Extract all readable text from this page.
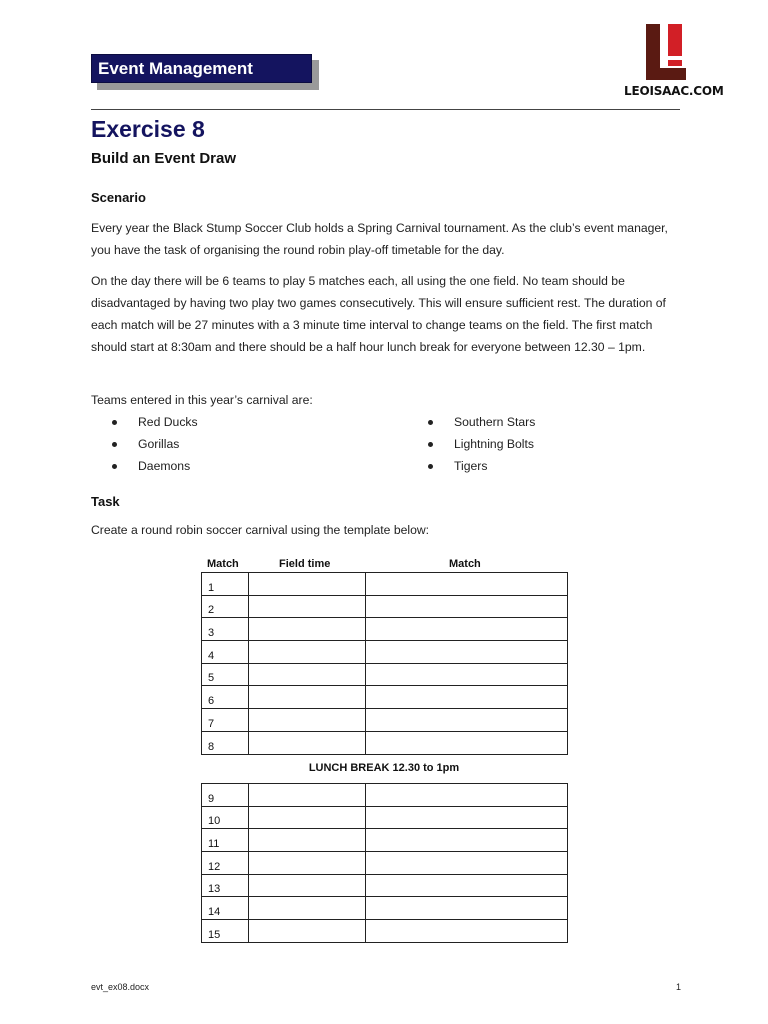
Event Management
LEOISAAC.COM
Exercise 8
Build an Event Draw
Scenario
Every year the Black Stump Soccer Club holds a Spring Carnival tournament. As the club’s event manager, you have the task of organising the round robin play-off timetable for the day.
On the day there will be 6 teams to play 5 matches each, all using the one field. No team should be disadvantaged by having two play two games consecutively. This will ensure sufficient rest. The duration of each match will be 27 minutes with a 3 minute time interval to change teams on the field. The first match should start at 8:30am and there should be a half hour lunch break for everyone between 12.30 – 1pm.
Teams entered in this year’s carnival are:
Red Ducks
Gorillas
Daemons
Southern Stars
Lightning Bolts
Tigers
Task
Create a round robin soccer carnival using the template below:
Match	Field time	Match
1		
2		
3		
4		
5		
6		
7		
8		
LUNCH BREAK 12.30 to 1pm
9		
10		
11		
12		
13		
14		
15		
evt_ex08.docx	1
